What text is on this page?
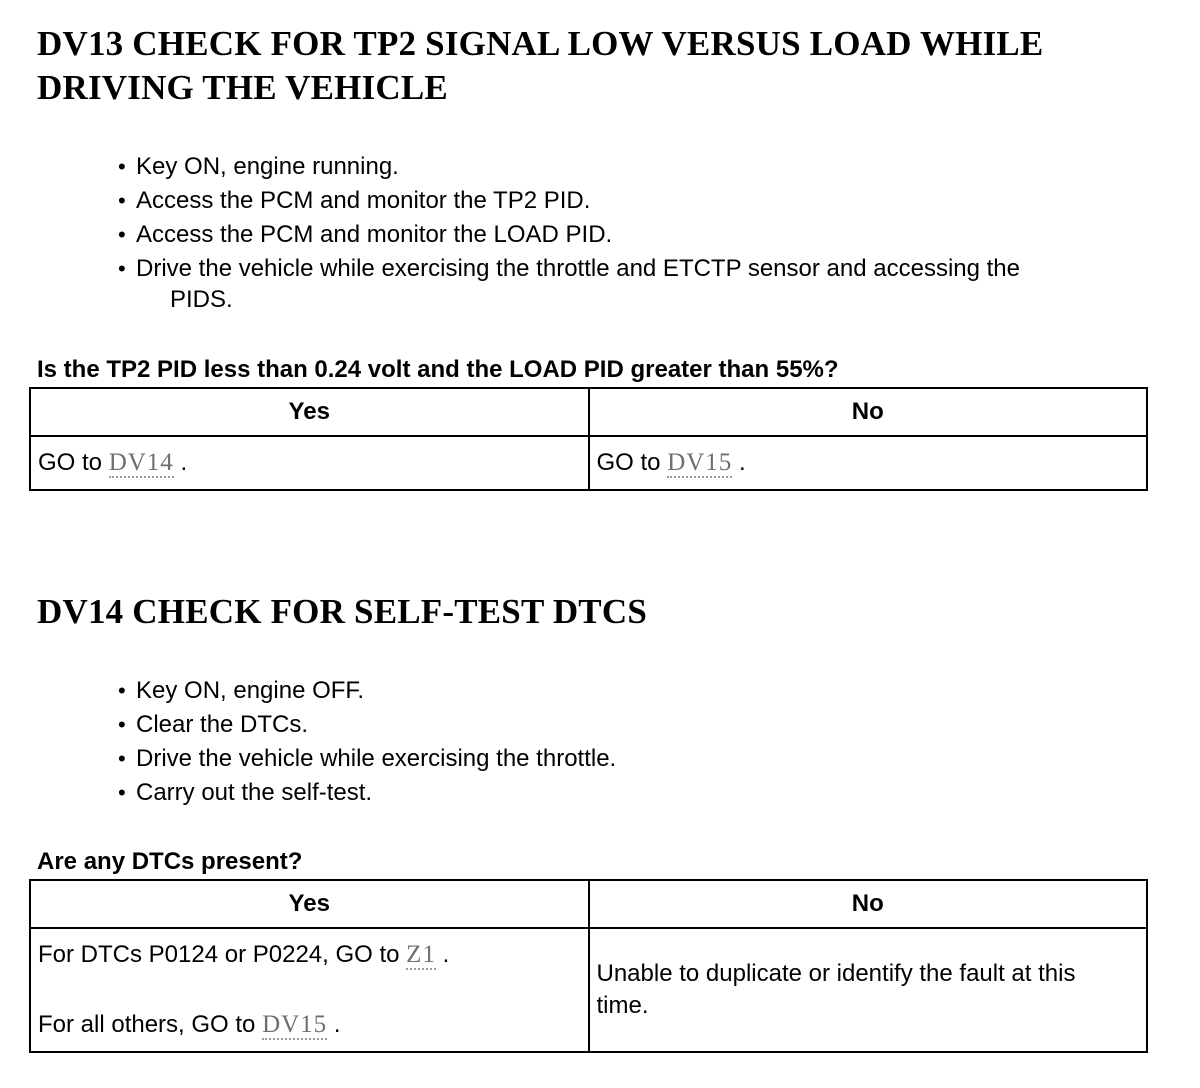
DV13 CHECK FOR TP2 SIGNAL LOW VERSUS LOAD WHILE DRIVING THE VEHICLE
• Key ON, engine running.
• Access the PCM and monitor the TP2 PID.
• Access the PCM and monitor the LOAD PID.
• Drive the vehicle while exercising the throttle and ETCTP sensor and accessing the
PIDS.

Is the TP2 PID less than 0.24 volt and the LOAD PID greater than 55%?

Yes	No
GO to DV14 .	GO to DV15 .
DV14 CHECK FOR SELF-TEST DTCS
• Key ON, engine OFF.
• Clear the DTCs.
• Drive the vehicle while exercising the throttle.
• Carry out the self-test.

Are any DTCs present?

Yes	No

For DTCs P0124 or P0224, GO to Z1 .
For all others, GO to DV15 .	Unable to duplicate or identify the fault at this time.
